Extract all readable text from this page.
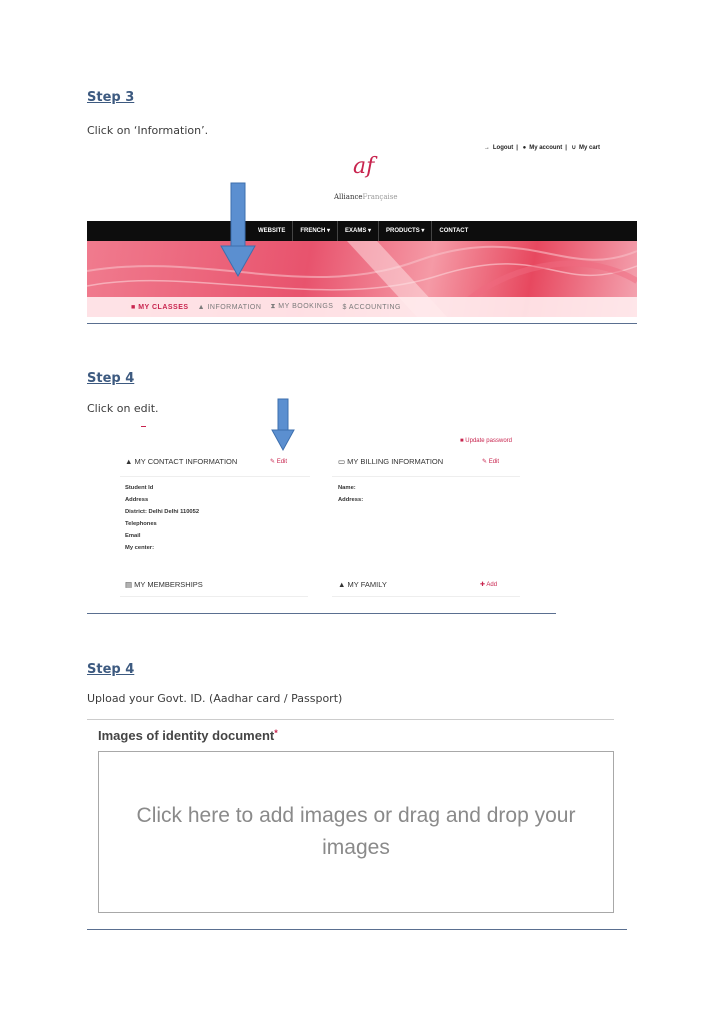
Step 3
Click on ‘Information’.
→ Logout | ● My account | ∪ My cart
af
AllianceFrançaise
WEBSITE	FRENCH ▾	EXAMS ▾	PRODUCTS ▾	CONTACT
■ MY CLASSES ▲ INFORMATION ⧗ MY BOOKINGS $ ACCOUNTING
Step 4
Click on edit.
■ Update password
▲ MY CONTACT INFORMATION	✎ Edit	▭ MY BILLING INFORMATION	✎ Edit
Student Id
Address
District: Delhi Delhi 110052
Telephones
Email
My center:
Name:
Address:
▤ MY MEMBERSHIPS	▲ MY FAMILY	✚ Add
Step 4
Upload your Govt. ID. (Aadhar card / Passport)
Images of identity document*
Click here to add images or drag and drop your images
